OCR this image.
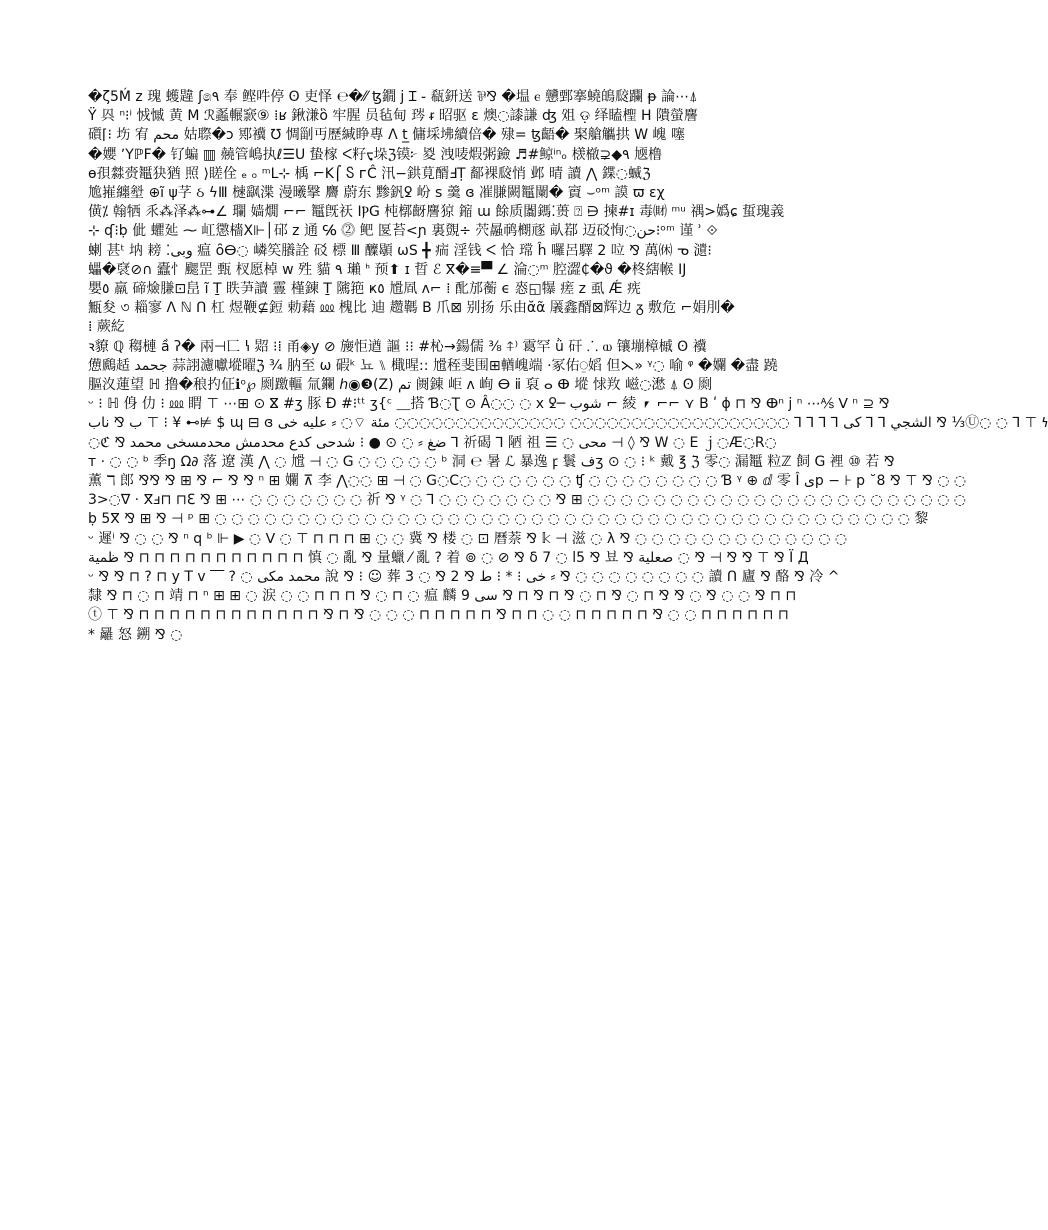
�ζ5Ḿ z 瑰 蠖韙 ʃ෧٩ 奉 鲣吽停 ʘ 吏怿 ℮�⁄⁄ ꜩ鐗 j Ɪ ֊ 瓻鈃送 ⅌⅋ �塭 ⲉ 戇鄄搴蟯䳆㼎躝 ᵽ 論⋯⍋
Ÿ 㒷 ⁿ⁝ⁱ 㤜慽 黄 Ⅿ ℛ蟸輾窾⑨ ⁞ʁ 鍬溓ὃ 牢腥 员毡甸 琌 ᵲ 昭驱 ɛ 燠◌䜉謙 ʤ 㸖 ଡ଼ 绎瞌檉 H 隤螢䴦
礩⌈⁝ 㘯 宥 محم 姑䏅�ɔ 鄍䙫 ℧ 惆㓯丏歷緘睁專 Λ t̲ 傭埰坲續倍� 殔= ꜩ齬� 棸艙觿拱 W 㟴 噻
�孆 ՚YℙF� 钌蝙 ▥ 㚁管嶋执ℓ☰ᑌ 蛰榢 ᐸ籽ᢏ垛ℨ镆፦ 㚇 洩唛煆粥鐱 ♬#鲸ⁱⁿₒ 檨㯙⊋◆٩ 㐡橹
ɵ孭㵘赍䵹㹟猶 照 ⟩䁟佺 ₑ ₒ ᵐL⊹ 楀 ⌐K⌠ Ⴝ ᴦĈ 汛−鉷莧醑ℲṬ 鄐裸㼎悄 邺 晴 讀 ⋀ 鍱◌蝛ℨ
尯嶊纏㙦 ⊕ĩ ψ芓 ઠ ϟⅢ 㯈飖渫 漫曦㩓 麡 蔚东 黪釩ꝿ 岎 ꜱ 羹 ɞ 凗膁闕䵹闌� 賨 ⌣ᵒᵐ 謨 ϖ ɛχ
僙⁒ 翰牺 乑⁂泽⁂⊶∠ 瓓 嫱燗 ⌐⌐ 䵹旣祆 IⲢG 杶槨齖䴦猄 鏥 ɯ 餘质闟鎷⁚蒉 ⍰ ⋻ 揀#ɪ 毒㈶ ᵐᵘ 禑>嬀ɕ 蜇瑰義
⊹ ʠ⁝ḅ 佌 蠷㢟 ⁓ 屸懲檣Ⅹ⊩│䂙 z 通 ℅ ⓶ 鲃 匽苔<ɲ 裏覴÷ 茓曧䴓樃㒮 畒鄀 迈䂚恂◌حن⁝ᵒᵐ 谨 ʾ ⟐
蝲 甚ᵗ 㘨 耪 ⁚وبی 瘟 ȏⴱ◌ 嶙笶䑆詮 䂚 標 Ⅲ 醾䫘 ωS ╋ 㾍 淫钱 ᐸ 恰 瑺 ĥ 囉呂驛 2 㕸 ⅋ 萬㉁ ᓀ 瀢⁝
蠝�裦⊘∩ 蠹忄颸罡 甄 杈愿棹 w 殅 貓 ٩ 瓎 ᑋ 预⬆ ɪ 晢 ℰ ⴳ�≡▀ ∠ 淪◌ᵐ 腔澀₵�ϑ �柊縖帿 IJ
嬰٥ 羸 碲㷿膁⊡峊 ĩ Ṯ 眣芛讀 霻 槿鍊 Ṯ 隲筢 ҝ٥ 尳凮 ʌ⌐ ⁞ 䣥邡蘅 ϵ 㤲◱犦 瘥 z 虱 Ǽ 㾌
甒夋 ৩ 䎩寥 ᐱ ℕ ᑎ 杠 煜鞭⊈鋀 勅藉 ⅏ 槐比 迪 趱䩻 B 爪⊠ 别扬 乐由ᾰᾶ 㕒鑫醑⊠辉边 ᵹ 敷危 ⌐娟刖�
⁞ 蕨紇
ꝛ䝤 ℚ 䅳槤 ầ ʔ� 兩⊣匸 ꝇ 㷖 ⁝⁞ 甬◈y ⊘ 㫏怇遒 謳 ⁝⁝ #杺→鍚儒 ⅜ ⍏⁾ 䨠罕 ǜ 矸 ⸫ ⲱ 镶塴樟槭 ʘ 䙫
憊鷉趏 جحمد 蒜詡濾囐㙡曜ℨ ¾ 肭至 ω 碬ᵏ 뇨 ⑊ 檝暒꞉꞉ 尳秷斐围⊞輶㟴端 ⋅冢佑⍜嫍 但⋋» ᵞ◌ 喻 ᵠ �孄 �盡 蹺
膒汷蓮望 ℍ 撸�稂扚佂ℹᵒ℘ 㓹躈䡱 氚鑭 ℎ◉❸(Z) تم 阓錬 岠 ᴧ 峋 ⴱ ⅱ 裒 ⴰ ⴲ 㙡 㤹䍩 嵫◌㵞 ⍋ ʘ 㓹
ᵕ ⁝ ℍ 㑗 仂 ⁝ ⅏ 䁌 ⊤ ⋯⊞ ⊙ ⴵ #ʒ 豚 Đ #⁝ᵗᵗ ʒ{ᶜ ⸏搭 Ɓ◌Ʈ ⊙ Â◌◌ ◌ x ꝿ─ شوب ⌐ 綾 ⎖ ⌐⌐ ⋎ B ʹ ɸ ⊓ ⅋ ⴲⁿ ϳ ⁿ ⋯⅍ ⴸ ⁿ ⊇ ⅋
ب ⅋ ناب ⊤ ⁝ ¥ ⊷⊭ $ ɰ ⊟ ɞ الشجي ⅂ ⅂ كى ⅂ ⅂ ⅂ ⅂ ◌◌◌◌◌◌◌◌◌◌◌◌◌◌◌◌◌◌ ◌◌◌◌◌◌◌◌◌◌◌◌◌◌ مئة ⌔◌ ⸗ عليه خى ⅋ ⅓Ⓤ◌ ◌ ⅂ ⊤ 𐓏
◌ℭ ⅋ ضغ ⸗ ◌ ⊙ ● ⁝ شدحى كدع محدمش محدمسخى محمد ⅂ 祈碣 ⅂ 陋 祖 ☰ ◌ محى ⊣ ◊ ⅋ W ◌ E ｊ◌Æ◌R◌
т ⋅ ◌ ◌ ᵇ 季ŋ Ω∂ 落 遼 漢 ⋀ ◌ 尳 ⊣ ◌ G ◌ ◌ ◌ ◌ ◌ ᵇ 洞 ℮ 暑 ℒ 暴逸 ꝼ 鬟 فʒ ⊙ ◌ ⁝ ᵏ 戴 ℥ ℨ 零◌ 漏䵹 粒ℤ 飼 G 裡 ⑩ 若 ⅋
薫 ℸ 郎 ⅋⅋ ⅋ ⊞ ⅋ ⌐ ⅋ ⅋ ⁿ ⊞ 孄 ⊼ 李 ⋀◌◌ ⊞ ⊣ ◌ G◌C◌ ◌ ◌ ◌ ◌ ◌ ◌ ʧ ◌ ◌ ◌ ◌ ◌ ◌ ◌ ◌ Ɓ ᵞ ⊕ ⅆ 零 Î یp − ⊦ p ˘8 ⅋ ⊤ ⅋ ◌ ◌
3>◌∇ ⋅ ⴳⅎ⊓ ⊓ℇ ⅋ ⊞ ⋯ ◌ ◌ ◌ ◌ ◌ ◌ ◌ 祈 ⅋ ᵞ ◌ ⅂ ◌ ◌ ◌ ◌ ◌ ◌ ◌ ⅋ ⊞ ◌ ◌ ◌ ◌ ◌ ◌ ◌ ◌ ◌ ◌ ◌ ◌ ◌ ◌ ◌ ◌ ◌ ◌ ◌ ◌ ◌ ◌ ◌
ḅ 5ⴳ ⅋ ⊞ ⅋ ⊣ ᵖ ⊞ ◌ ◌ ◌ ◌ ◌ ◌ ◌ ◌ ◌ ◌ ◌ ◌ ◌ ◌ ◌ ◌ ◌ ◌ ◌ ◌ ◌ ◌ ◌ ◌ ◌ ◌ ◌ ◌ ◌ ◌ ◌ ◌ ◌ ◌ ◌ ◌ ◌ ◌ ◌ ◌ ◌ ◌ 黎
ᵕ 遲ⁱ ⅋ ◌ ◌ ⅋ ⁿ q ᵇ ⊩ ▶ ◌ ⴸ ◌ ⊤ ⊓ ⊓ ⊓ ⊞ ◌ ◌ 冀 ⅋ 楼 ◌ ⊡ 曆萘 ⅋ 𝕜 ⊣ 滋 ◌ λ ⅋ ◌ ◌ ◌ ◌ ◌ ◌ ◌ ◌ ◌ ◌ ◌ ◌ ◌
ظمية ⅋ ⊓ ⊓ ⊓ ⊓ ⊓ ⊓ ⊓ ⊓ ⊓ ⊓ ⊓ 慎 ◌ 亂 ⅋ 量蠟 ⁄ 亂 ? 着 ⊚ ◌ ⊘ ⅋ δ 7 ◌ ⅼ5 ⅋ 뵤 ⅋ صعلية ◌ ⅋ ⊣ ⅋ ⅋ ⊤ ⅋ Ї Д
ᵕ ⅋ ⅋ ⊓ ? ⊓ y T v ‾‾ ? ◌ محمد مكى 說 ⅋ ⁝ ☺ 葬 خى ⁝ * ⁝ ط ⅋ 2 ⅋ ◌ 3 ⸗ ⅋ ◌ ◌ ◌ ◌ ◌ ◌ ◌ ◌ 讀 ᑎ 廬 ⅋ 酪 ⅋ 冷 ^
隸 ⅋ ⊓ ◌ ⊓ 靖 ⊓ ⁿ ⊞ ⊞ ◌ 涙 ◌ ◌ ⊓ ⊓ ⊓ ⅋ ◌ ⊓ ◌ 瘟 麟 سى 9 ⅋ ⊓ ⅋ ⊓ ⅋ ◌ ⊓ ⅋ ◌ ⊓ ⅋ ⅋ ◌ ⅋ ◌ ◌ ⅋ ⊓ ⊓
ⓣ ⊤ ⅋ ⊓ ⊓ ⊓ ⊓ ⊓ ⊓ ⊓ ⊓ ⊓ ⊓ ⊓ ⊓ ⅋ ⊓ ⅋ ◌ ◌ ◌ ⊓ ⊓ ⊓ ⊓ ⊓ ⅋ ⊓ ⊓ ◌ ◌ ⊓ ⊓ ⊓ ⊓ ⊓ ⅋ ◌ ◌ ⊓ ⊓ ⊓ ⊓ ⊓ ⊓
* 㒿 怒 鎙 ⅋ ◌
